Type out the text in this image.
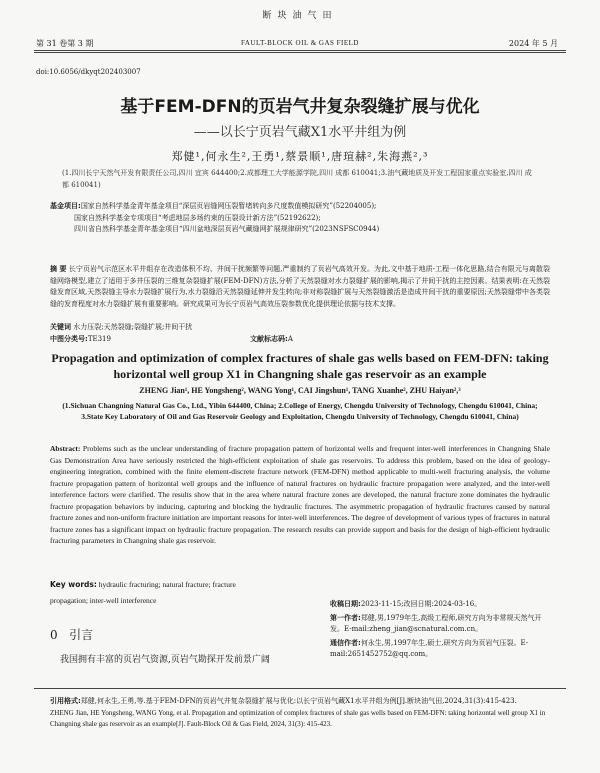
断块油气田
第 31 卷第 3 期	FAULT-BLOCK OIL & GAS FIELD	2024 年 5 月
doi:10.6056/dkyqt202403007
基于FEM-DFN的页岩气井复杂裂缝扩展与优化
——以长宁页岩气藏X1水平井组为例
郑健¹,何永生²,王勇¹,蔡景顺¹,唐瑄赫²,朱海燕²,³
(1.四川长宁天然气开发有限责任公司,四川 宜宾 644400;2.成都理工大学能源学院,四川 成都 610041;3.油气藏地质及开发工程国家重点实验室,四川 成都 610041)
基金项目:国家自然科学基金青年基金项目“深层页岩缝网压裂暂堵转向多尺度数值模拟研究”(52204005);
国家自然科学基金专项项目“考虑地层多场约束的压裂设计新方法”(52192622);
四川省自然科学基金青年基金项目“四川盆地深层页岩气藏缝网扩展规律研究”(2023NSFSC0944)
摘 要 长宁页岩气示范区水平井组存在改造体积不均、井间干扰频繁等问题,严重制约了页岩气高效开发。为此,文中基于地质-工程一体化思路,结合有限元与离散裂缝网络模型,建立了适用于多井压裂的三维复杂裂缝扩展(FEM-DFN)方法,分析了天然裂缝对水力裂缝扩展的影响,揭示了井间干扰的主控因素。结果表明:在天然裂缝发育区域,天然裂缝主导水力裂缝扩展行为,水力裂缝沿天然裂缝延伸并发生转向;非对称裂缝扩展与天然裂缝激活是造成井间干扰的重要原因;天然裂缝带中各类裂缝的发育程度对水力裂缝扩展有重要影响。研究成果可为长宁页岩气高效压裂参数优化提供理论依据与技术支撑。
关键词 水力压裂;天然裂缝;裂缝扩展;井间干扰
中图分类号:TE319	文献标志码:A
Propagation and optimization of complex fractures of shale gas wells based on FEM-DFN: taking horizontal well group X1 in Changning shale gas reservoir as an example
ZHENG Jian¹, HE Yongsheng², WANG Yong¹, CAI Jingshun¹, TANG Xuanhe², ZHU Haiyan²,³
(1.Sichuan Changning Natural Gas Co., Ltd., Yibin 644400, China; 2.College of Energy, Chengdu University of Technology, Chengdu 610041, China; 3.State Key Laboratory of Oil and Gas Reservoir Geology and Exploitation, Chengdu University of Technology, Chengdu 610041, China)
Abstract: Problems such as the unclear understanding of fracture propagation pattern of horizontal wells and frequent inter-well interferences in Changning Shale Gas Demonstration Area have seriously restricted the high-efficient exploitation of shale gas reservoirs. To address this problem, based on the idea of geology-engineering integration, combined with the finite element-discrete fracture network (FEM-DFN) method applicable to multi-well fracturing analysis, the volume fracture propagation pattern of horizontal well groups and the influence of natural fractures on hydraulic fracture propagation were analyzed, and the inter-well interference factors were clarified. The results show that in the area where natural fracture zones are developed, the natural fracture zone dominates the hydraulic fracture propagation behaviors by inducing, capturing and blocking the hydraulic fractures. The asymmetric propagation of hydraulic fractures caused by natural fracture zones and non-uniform fracture initiation are important reasons for inter-well interferences. The degree of development of various types of fractures in natural fracture zones has a significant impact on hydraulic fracture propagation. The research results can provide support and basis for the design of high-efficient hydraulic fracturing parameters in Changning shale gas reservoir.
Key words: hydraulic fracturing; natural fracture; fracture
propagation; inter-well interference	收稿日期:2023-11-15;改回日期:2024-03-16。
第一作者:郑健,男,1979年生,高级工程师,研究方向为非常规天然气开发。E-mail:zheng_jian@scnatural.com.cn。
通信作者:何永生,男,1997年生,硕士,研究方向为页岩气压裂。E-mail:2651452752@qq.com。
0 引言
我国拥有丰富的页岩气资源,页岩气勘探开发前景广阔
引用格式:郑健,何永生,王勇,等.基于FEM-DFN的页岩气井复杂裂缝扩展与优化:以长宁页岩气藏X1水平井组为例[J].断块油气田,2024,31(3):415-423.
ZHENG Jian, HE Yongsheng, WANG Yong, et al. Propagation and optimization of complex fractures of shale gas wells based on FEM-DFN: taking horizontal well group X1 in Changning shale gas reservoir as an example[J]. Fault-Block Oil & Gas Field, 2024, 31(3): 415-423.
